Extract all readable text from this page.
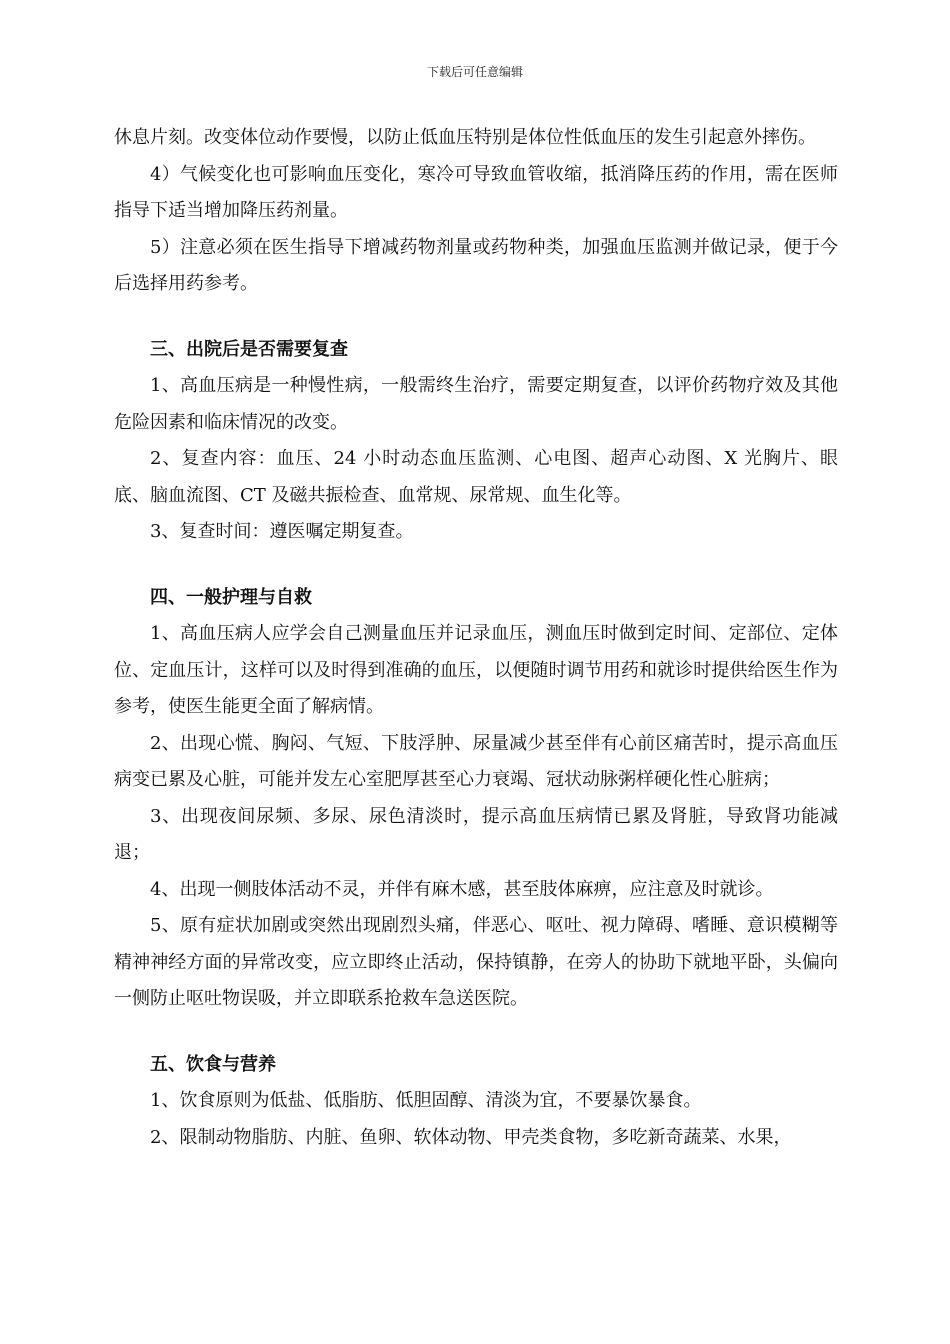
下载后可任意编辑

休息片刻。改变体位动作要慢，以防止低血压特别是体位性低血压的发生引起意外摔伤。

4）气候变化也可影响血压变化，寒冷可导致血管收缩，抵消降压药的作用，需在医师指导下适当增加降压药剂量。

5）注意必须在医生指导下增减药物剂量或药物种类，加强血压监测并做记录，便于今后选择用药参考。

三、出院后是否需要复查

1、高血压病是一种慢性病，一般需终生治疗，需要定期复查，以评价药物疗效及其他危险因素和临床情况的改变。

2、复查内容：血压、24 小时动态血压监测、心电图、超声心动图、X 光胸片、眼底、脑血流图、CT 及磁共振检查、血常规、尿常规、血生化等。

3、复查时间：遵医嘱定期复查。

四、一般护理与自救

1、高血压病人应学会自己测量血压并记录血压，测血压时做到定时间、定部位、定体位、定血压计，这样可以及时得到准确的血压，以便随时调节用药和就诊时提供给医生作为参考，使医生能更全面了解病情。

2、出现心慌、胸闷、气短、下肢浮肿、尿量减少甚至伴有心前区痛苦时，提示高血压病变已累及心脏，可能并发左心室肥厚甚至心力衰竭、冠状动脉粥样硬化性心脏病；

3、出现夜间尿频、多尿、尿色清淡时，提示高血压病情已累及肾脏，导致肾功能减退；

4、出现一侧肢体活动不灵，并伴有麻木感，甚至肢体麻痹，应注意及时就诊。

5、原有症状加剧或突然出现剧烈头痛，伴恶心、呕吐、视力障碍、嗜睡、意识模糊等精神神经方面的异常改变，应立即终止活动，保持镇静，在旁人的协助下就地平卧，头偏向一侧防止呕吐物误吸，并立即联系抢救车急送医院。

五、饮食与营养

1、饮食原则为低盐、低脂肪、低胆固醇、清淡为宜，不要暴饮暴食。

2、限制动物脂肪、内脏、鱼卵、软体动物、甲壳类食物，多吃新奇蔬菜、水果，
